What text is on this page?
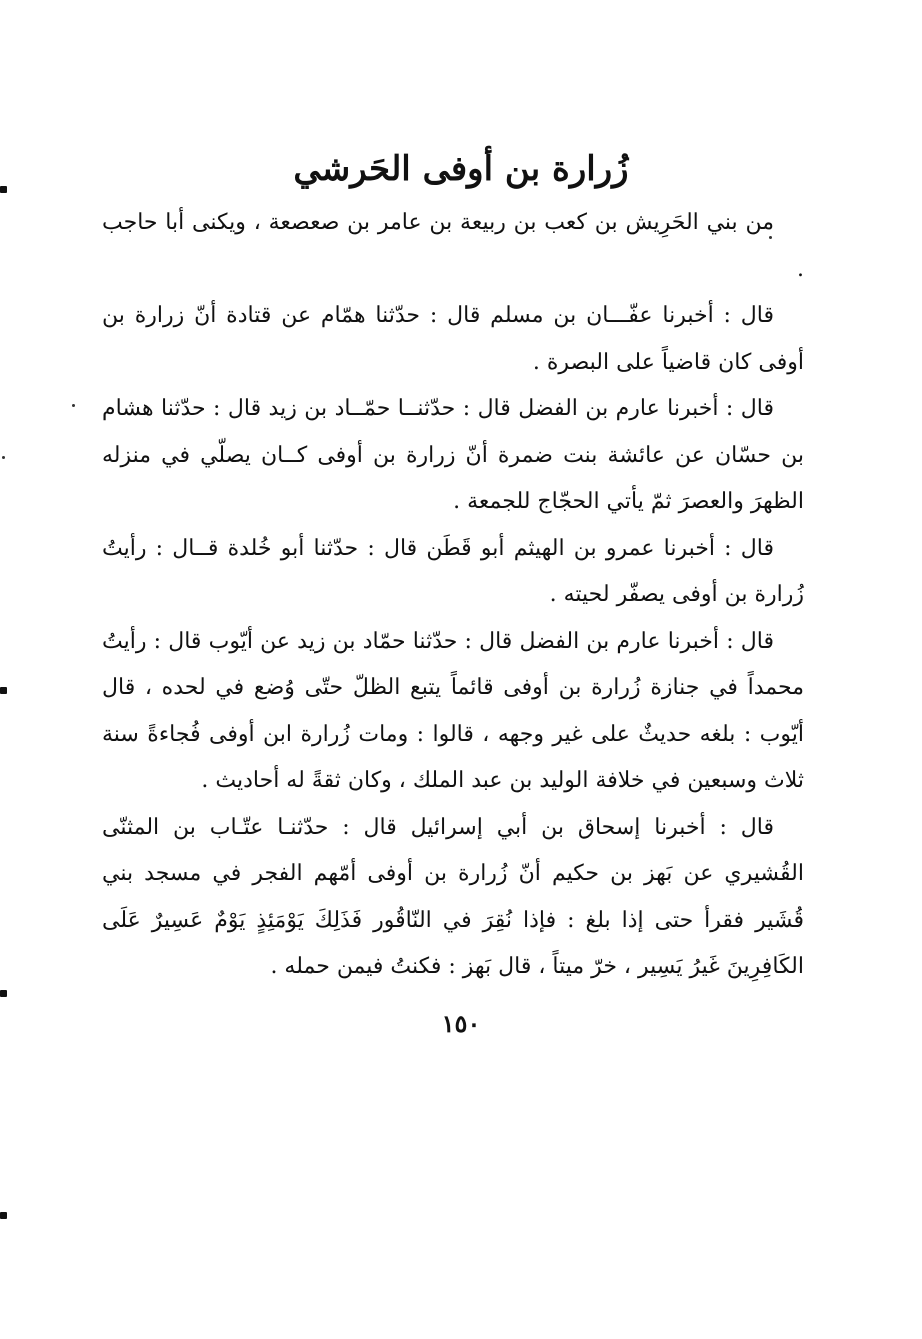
زُرارة بن أوفى الحَرشي

من بني الحَرِيش بن كعب بن ربيعة بن عامر بن صعصعة ، ويكنى أبا حاجب .

قال : أخبرنا عفّـــان بن مسلم قال : حدّثنا همّام عن قتادة أنّ زرارة بن أوفى كان قاضياً على البصرة .

قال : أخبرنا عارم بن الفضل قال : حدّثنــا حمّــاد بن زيد قال : حدّثنا هشام بن حسّان عن عائشة بنت ضمرة أنّ زرارة بن أوفى كــان يصلّي في منزله الظهرَ والعصرَ ثمّ يأتي الحجّاج للجمعة .

قال : أخبرنا عمرو بن الهيثم أبو قَطَن قال : حدّثنا أبو خُلدة قــال : رأيتُ زُرارة بن أوفى يصفّر لحيته .

قال : أخبرنا عارم بن الفضل قال : حدّثنا حمّاد بن زيد عن أيّوب قال : رأيتُ محمداً في جنازة زُرارة بن أوفى قائماً يتبع الظلّ حتّى وُضع في لحده ، قال أيّوب : بلغه حديثٌ على غير وجهه ، قالوا : ومات زُرارة ابن أوفى فُجاءةً سنة ثلاث وسبعين في خلافة الوليد بن عبد الملك ، وكان ثقةً له أحاديث .

قال : أخبرنا إسحاق بن أبي إسرائيل قال : حدّثنـا عتّـاب بن المثنّى القُشيري عن بَهز بن حكيم أنّ زُرارة بن أوفى أمّهم الفجر في مسجد بني قُشَير فقرأ حتى إذا بلغ : فإذا نُقِرَ في النّاقُور فَذَلِكَ يَوْمَئِذٍ يَوْمٌ عَسِيرٌ عَلَى الكَافِرِينَ غَيرُ يَسِير ، خرّ ميتاً ، قال بَهز : فكنتُ فيمن حمله .

١٥٠
